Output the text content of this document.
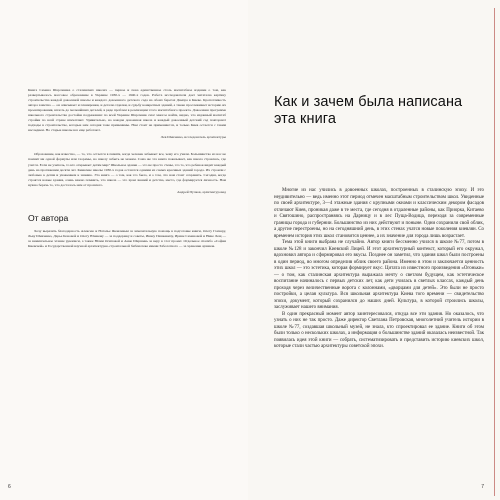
Книга Семена Шарочника о сталинских школах — первое и пока единственное столь масштабное издание о том, как развертывалось массовое образование в Украине 1930-х — 1940-х годов. Работа исследователя дает читателю картину строительства каждой довоенной школы и каждого довоенного детского сада на обоих берегах Днепра в Киеве. Кропотливость автора заметна — он описывает и планировки, и детали отделки, и судьбу конкретных зданий, а также прослеживает историю их проектирования, вплоть до мельчайших деталей, в ряде проблем в реализации этого масштабного проекта. Довоенная программа школьного строительства достойна подражания: по всей Украине Шарочник смог многое найти, видно, что изданный масштаб стройки по всей стране впечатляет. Удивительно, но каждая довоенная школа и каждый довоенный детский сад повторяют подходы в строительстве, которые нам сегодня тоже применимы. Нам стоит не применяются, и только Киев остается с таким наследием. Но старые школы все еще работают.

Лев Шевченко, исследователь архитектуры

Образование, как известно, — то, что остается в памяти, когда человек забывает все, чему его учили. Большинство из нас не помнит ни одной формулы или теоремы, но школу забыть не можем. Сама же эта книга показывает, как школа строилась, где учатся. Если не учитель, то кто открывает детям мир? Школьное здание — это не просто стены, это то, что ребенок видит каждый день на протяжении десяти лет. Киевские школы 1930-х годов остаются одними из самых красивых зданий города. Их строили с любовью к детям и уважением к знанию. Эта книга — о том, как это было, и о том, что нам стоит сохранить. Сегодня, когда строятся новые здания, очень важно помнить, что школа — это храм знаний и детства, место, где формируется личность. Нам нужно беречь то, что досталось нам от прошлого.

Андрей Пучков, архитектуровед

От автора

Хочу выразить благодарность Алексею и Наталье Яковлевым за замечательную помощь в подготовке книги, Олегу Гончару, Льву Шевченко, Дарье Коновой и Олегу Юнакову — за поддержку и советы, Ивану Пашкевичу, Ирине Семеновой и Нине Лещ — за внимательное чтение рукописи, а также Юлии Осиповой и Анне Шершень за веру в этот проект. Отдельное спасибо «Софии Киевской» и Государственной научной архитектурно-строительной библиотеке имени Заболотного — за хранение архивов.

6
Как и зачем была написана эта книга

Многие из нас учились в довоенных школах, построенных в сталинскую эпоху. И это неудивительно — ведь именно этот период отмечен масштабным строительством школ. Увиденные по своей архитектуре, 3—4 этажные здания с крупными окнами и классическим декором фасадов отличают Киев, проникая даже в те места, где сегодня в отдаленные районы, как Приорка, Китаево и Святошино, распространяясь на Дарницу и в лес Пуща-Водица, переходя за современные границы города и губернии. Большинство из них действуют и поныне. Одни сохранили свой облик, а другие перестроены, но на сегодняшний день, в этих стенах учатся новые поколения киевлян. Со временем история этих школ становится ценнее, а их значение для города лишь возрастает.

Тема этой книги выбрана не случайно. Автор книги бессменно учился в школе №77, потом в школе №128 и закончил Киевский Лицей. И этот архитектурный контекст, который его окружал, вдохновил автора и сформировал его вкусы. Позднее он заметил, что здания школ были построены в один период, во многом определив облик своего района. Именно в этом и заключается ценность этих школ — это эстетика, которая формирует вкус. Цитата из известного произведения «Огоньки» — о том, как сталинская архитектура выражала мечту о светлом будущем, как эстетическое воспитание начиналось с первых детских лет, как дети училась в светлых классах, каждый день проходя через величественные ворота с колоннами, «дворцами для детей». Это были не просто постройки, а целая культура. Вся школьная архитектура Киева того времени — свидетельство эпохи, документ, который сохранился до наших дней. Культура, в которой строились школы, заслуживает нашего внимания.

В один прекрасный момент автор заинтересовался, откуда все эти здания. Но оказалось, что узнать о них не так просто. Даже директор Светлана Петровская, многолетний учитель истории в школе №77, создавшая школьный музей, не знала, кто спроектировал ее здание. Книги об этом были только о нескольких школах, а информация о большинстве зданий оказалась неизвестной. Так появилась идея этой книги — собрать, систематизировать и представить историю киевских школ, которые стали частью архитектуры советской эпохи.

7
